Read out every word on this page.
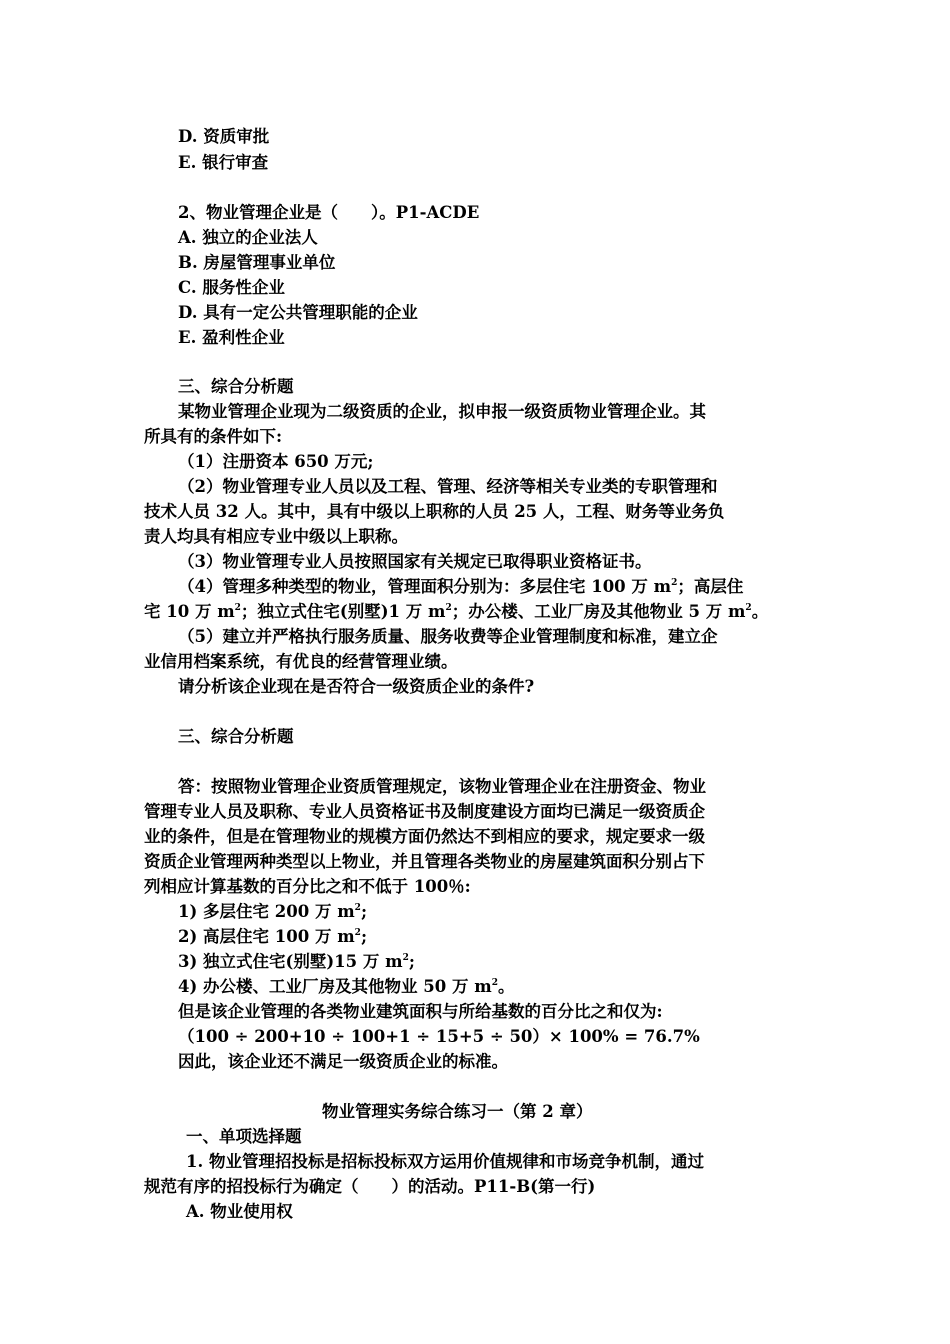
D. 资质审批
E. 银行审查
2、物业管理企业是（　　）。P1-ACDE
A. 独立的企业法人
B. 房屋管理事业单位
C. 服务性企业
D. 具有一定公共管理职能的企业
E. 盈利性企业
三、综合分析题
某物业管理企业现为二级资质的企业，拟申报一级资质物业管理企业。其
所具有的条件如下:
（1）注册资本 650 万元;
（2）物业管理专业人员以及工程、管理、经济等相关专业类的专职管理和
技术人员 32 人。其中，具有中级以上职称的人员 25 人，工程、财务等业务负
责人均具有相应专业中级以上职称。
（3）物业管理专业人员按照国家有关规定已取得职业资格证书。
（4）管理多种类型的物业，管理面积分别为：多层住宅 100 万 $m^2$；高层住
宅 10 万 $m^2$；独立式住宅(别墅)1 万 $m^2$；办公楼、工业厂房及其他物业 5 万 $m^2$。
（5）建立并严格执行服务质量、服务收费等企业管理制度和标准，建立企
业信用档案系统，有优良的经营管理业绩。
请分析该企业现在是否符合一级资质企业的条件?
三、综合分析题
答：按照物业管理企业资质管理规定，该物业管理企业在注册资金、物业
管理专业人员及职称、专业人员资格证书及制度建设方面均已满足一级资质企
业的条件，但是在管理物业的规模方面仍然达不到相应的要求，规定要求一级
资质企业管理两种类型以上物业，并且管理各类物业的房屋建筑面积分别占下
列相应计算基数的百分比之和不低于 100％:
1) 多层住宅 200 万 $m^2$;
2) 高层住宅 100 万 $m^2$;
3) 独立式住宅(别墅)15 万 $m^2$;
4) 办公楼、工业厂房及其他物业 50 万 $m^2$。
但是该企业管理的各类物业建筑面积与所给基数的百分比之和仅为:
（100 ÷ 200+10 ÷ 100+1 ÷ 15+5 ÷ 50）× 100% = 76.7%
因此，该企业还不满足一级资质企业的标准。
物业管理实务综合练习一（第 2 章）
一、单项选择题
1. 物业管理招投标是招标投标双方运用价值规律和市场竞争机制，通过
规范有序的招投标行为确定（　　）的活动。P11-B(第一行)
A. 物业使用权
